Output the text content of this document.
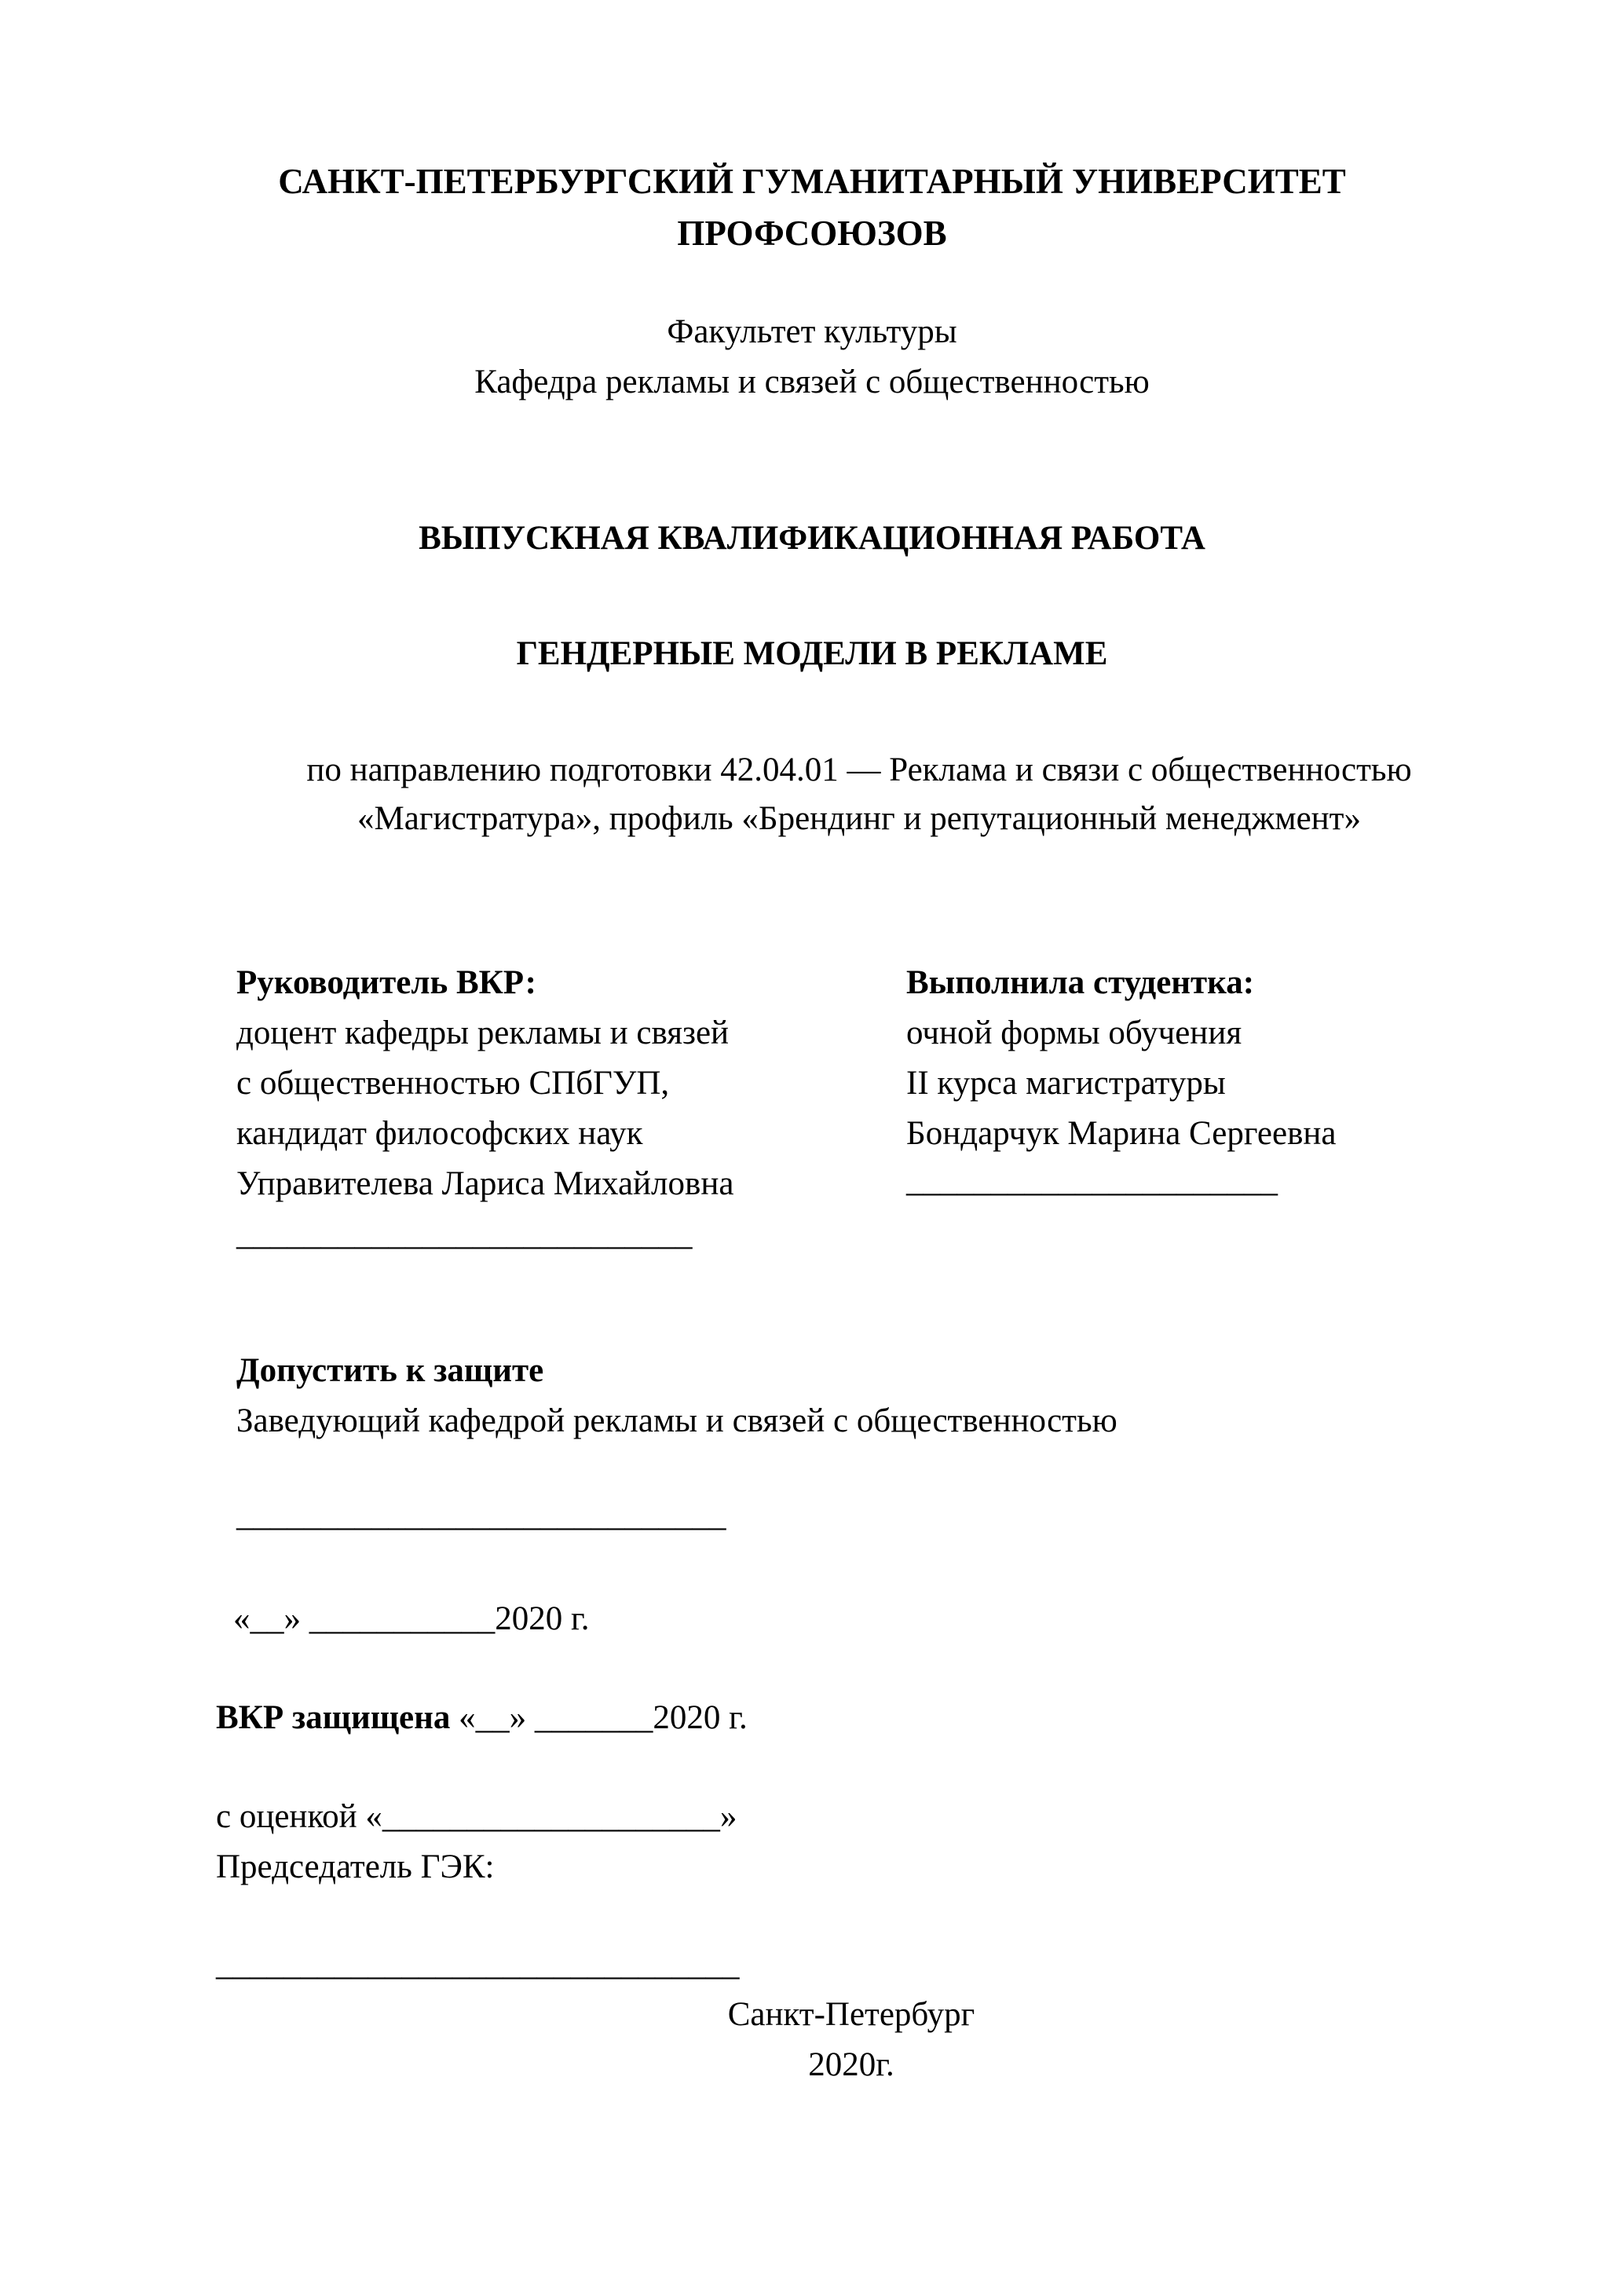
САНКТ-ПЕТЕРБУРГСКИЙ ГУМАНИТАРНЫЙ УНИВЕРСИТЕТ
ПРОФСОЮЗОВ
Факультет культуры
Кафедра рекламы и связей с общественностью
ВЫПУСКНАЯ КВАЛИФИКАЦИОННАЯ РАБОТА
ГЕНДЕРНЫЕ МОДЕЛИ В РЕКЛАМЕ
по направлению подготовки 42.04.01 — Реклама и связи с общественностью
«Магистратура», профиль «Брендинг и репутационный менеджмент»
Руководитель ВКР:
доцент кафедры рекламы и связей
с общественностью СПбГУП,
кандидат философских наук
Управителева Лариса Михайловна
___________________________
Выполнила студентка:
очной формы обучения
II курса магистратуры
Бондарчук Марина Сергеевна
______________________
Допустить к защите
Заведующий кафедрой рекламы и связей с общественностью
_____________________________
«__» ___________2020 г.
ВКР защищена «__» _______2020 г.
с оценкой «____________________»
Председатель ГЭК:
_______________________________
Санкт-Петербург
2020г.
